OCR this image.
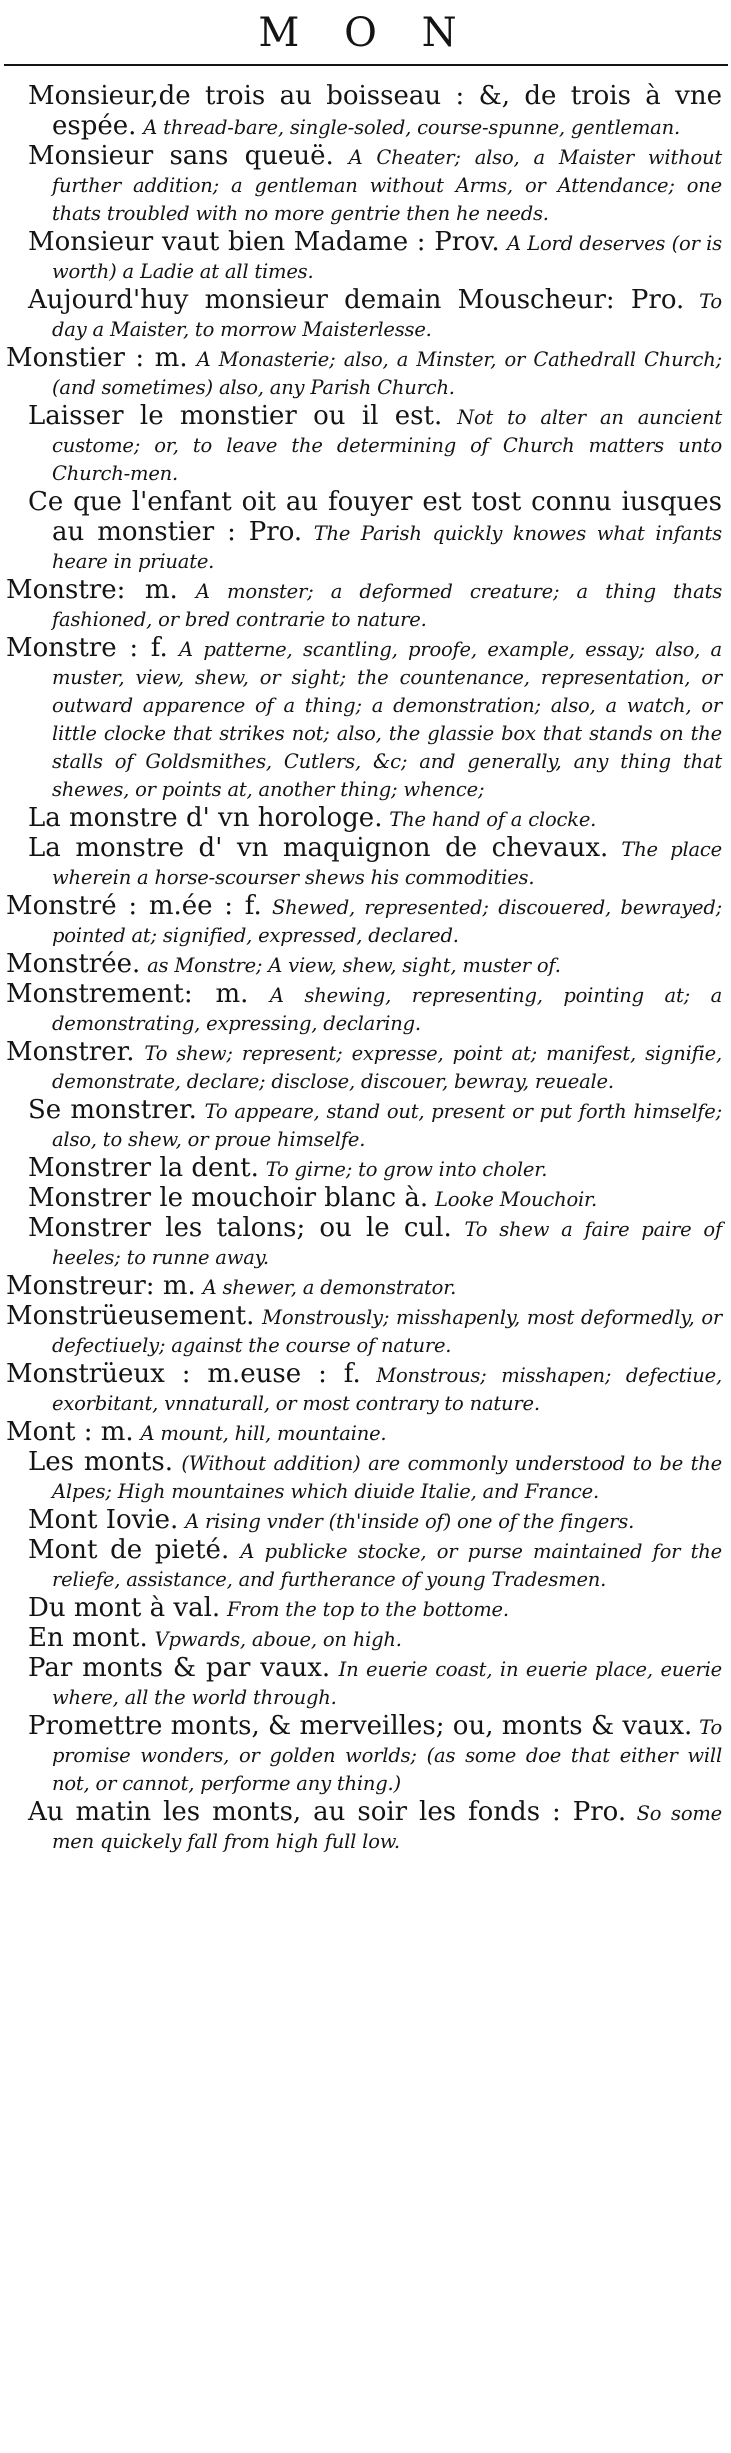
M O N

Monsieur,de trois au boisseau : &, de trois à vne espée. A thread-bare, single-soled, course-spunne, gentleman.

Monsieur sans queuë. A Cheater; also, a Maister without further addition; a gentleman without Arms, or Attendance; one thats troubled with no more gentrie then he needs.

Monsieur vaut bien Madame : Prov. A Lord deserves (or is worth) a Ladie at all times.

Aujourd'huy monsieur demain Mouscheur: Pro. To day a Maister, to morrow Maisterlesse.

Monstier : m. A Monasterie; also, a Minster, or Cathedrall Church; (and sometimes) also, any Parish Church.

Laisser le monstier ou il est. Not to alter an auncient custome; or, to leave the determining of Church matters unto Church-men.

Ce que l'enfant oit au fouyer est tost connu iusques au monstier : Pro. The Parish quickly knowes what infants heare in priuate.

Monstre: m. A monster; a deformed creature; a thing thats fashioned, or bred contrarie to nature.

Monstre : f. A patterne, scantling, proofe, example, essay; also, a muster, view, shew, or sight; the countenance, representation, or outward apparence of a thing; a demonstration; also, a watch, or little clocke that strikes not; also, the glassie box that stands on the stalls of Goldsmithes, Cutlers, &c; and generally, any thing that shewes, or points at, another thing; whence;

La monstre d' vn horologe. The hand of a clocke.

La monstre d' vn maquignon de chevaux. The place wherein a horse-scourser shews his commodities.

Monstré : m.ée : f. Shewed, represented; discouered, bewrayed; pointed at; signified, expressed, declared.

Monstrée. as Monstre; A view, shew, sight, muster of.

Monstrement: m. A shewing, representing, pointing at; a demonstrating, expressing, declaring.

Monstrer. To shew; represent; expresse, point at; manifest, signifie, demonstrate, declare; disclose, discouer, bewray, reueale.

Se monstrer. To appeare, stand out, present or put forth himselfe; also, to shew, or proue himselfe.

Monstrer la dent. To girne; to grow into choler.

Monstrer le mouchoir blanc à. Looke Mouchoir.

Monstrer les talons; ou le cul. To shew a faire paire of heeles; to runne away.

Monstreur: m. A shewer, a demonstrator.

Monstrüeusement. Monstrously; misshapenly, most deformedly, or defectiuely; against the course of nature.

Monstrüeux : m.euse : f. Monstrous; misshapen; defectiue, exorbitant, vnnaturall, or most contrary to nature.

Mont : m. A mount, hill, mountaine.

Les monts. (Without addition) are commonly understood to be the Alpes; High mountaines which diuide Italie, and France.

Mont Iovie. A rising vnder (th'inside of) one of the fingers.

Mont de pieté. A publicke stocke, or purse maintained for the reliefe, assistance, and furtherance of young Tradesmen.

Du mont à val. From the top to the bottome.

En mont. Vpwards, aboue, on high.

Par monts & par vaux. In euerie coast, in euerie place, euerie where, all the world through.

Promettre monts, & merveilles; ou, monts & vaux. To promise wonders, or golden worlds; (as some doe that either will not, or cannot, performe any thing.)

Au matin les monts, au soir les fonds : Pro. So some men quickely fall from high full low.
